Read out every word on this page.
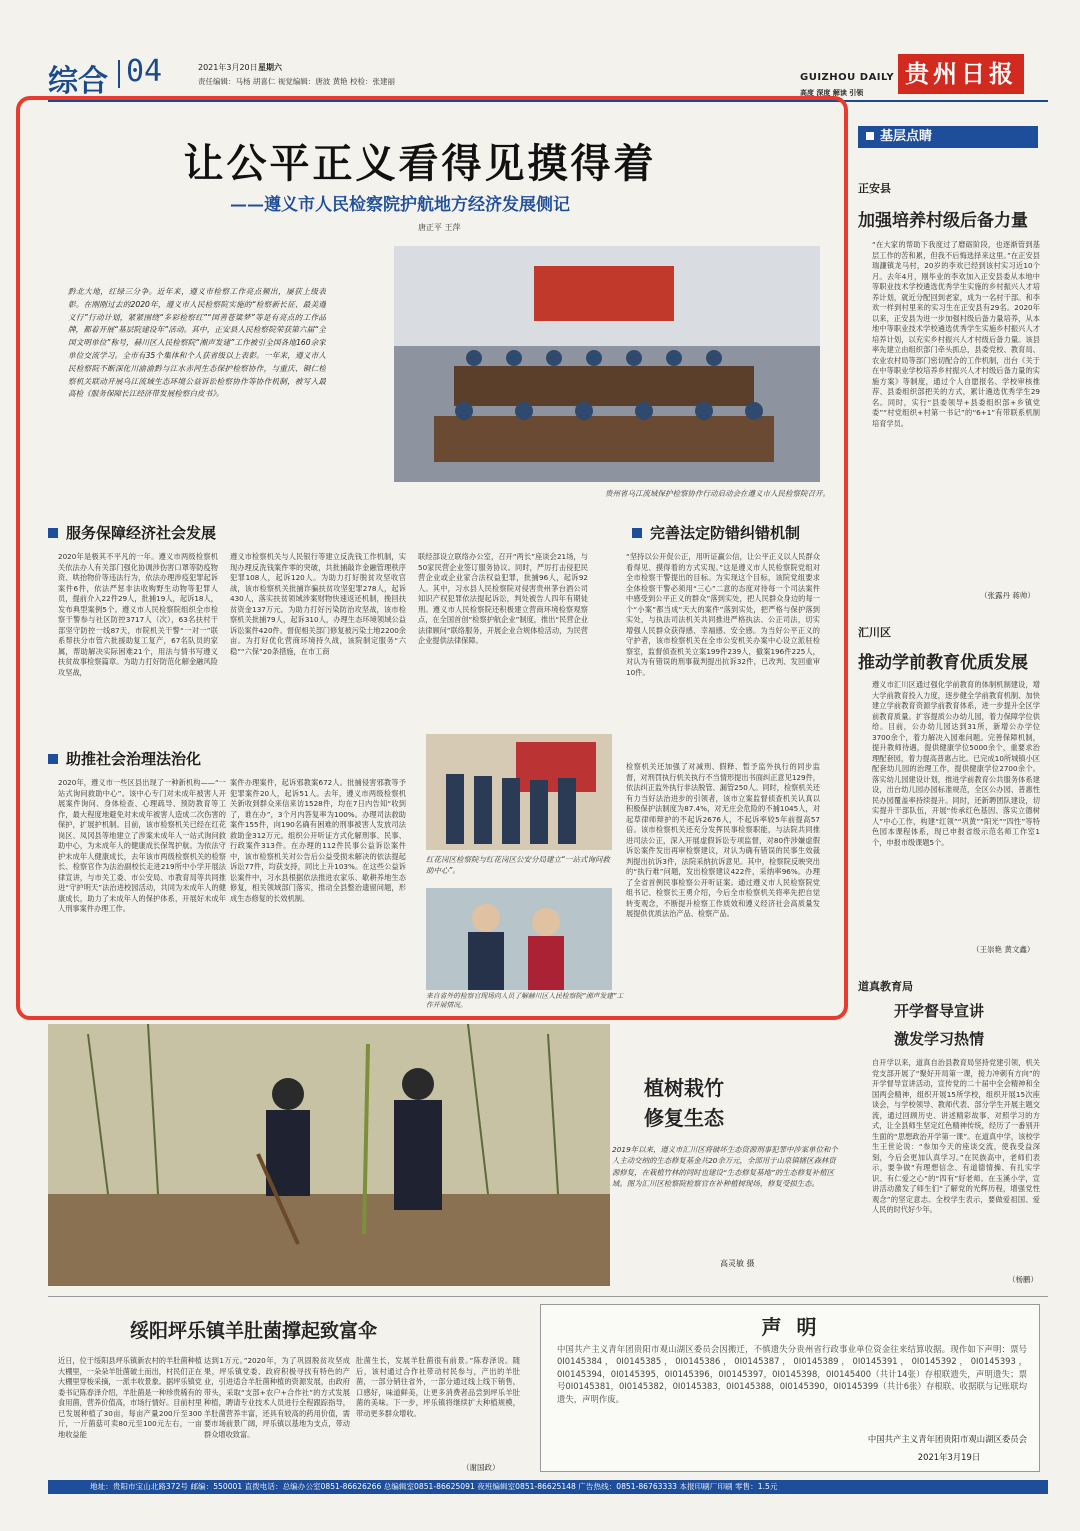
综合 04	2021年3月20日 星期六
责任编辑：马杨 胡喜仁 视觉编辑：唐波 黄艳 校检：张建丽	GUIZHOU DAILY
高度 深度 解读 引领
贵州日报
让公平正义看得见摸得着
——遵义市人民检察院护航地方经济发展侧记
唐正平 王萍
黔北大地，红绿三分争。近年来，遵义市检察工作亮点频出，屡获上级表彰。在刚刚过去的2020年，遵义市人民检察院实施的“检察新长征、最美遵义行”行动计划，紧紧围绕“多彩检察红”“国善苍粱梦”等是有亮点的工作品牌，都着开展“基层院建设年”活动。其中，正安县人民检察院荣获第六届“全国文明单位”称号，赫川区人民检察院“湘声发建”工作被引全国各地160余家单位交流学习。全市有35个集体和个人获省级以上表彰。一年来，遵义市人民检察院不断深化川渝渝黔与江水赤河生态保护检察协作，与重庆、铜仁检察机关联动开展乌江流域生态环境公益诉讼检察协作等协作机制，被写入最高检《服务保障长江经济带发展检察白皮书》。
贵州省乌江流域保护检察协作行动启动会在遵义市人民检察院召开。
服务保障经济社会发展
2020年是极其不平凡的一年。遵义市两级检察机关依法办人有关部门强化协调涉伤害口罩等防疫物资、哄抬物价等违法行为，依法办理涉疫犯罪起诉案件6件，依法严惩非法收购野生动物等犯罪人员，提前介入22件29人，批捕19人，起诉18人，发布典型案例5个。遵义市人民检察院组织全市检察干警参与社区防控3717人（次），63名扶村干部坚守防控一线87天，市院机关干警“一对一”联系帮扶分市管六批援助复工复产，67名队员的家属，帮助解决实际困难21个，用法与情书写遵义扶贫故事检察篇章。为助力打好防范化解金融风险攻坚战，
遵义市检察机关与人民银行等建立反洗钱工作机制，实现办理反洗钱案件零的突破，共批捕敲诈金融管理秩序犯罪108人，起诉120人。为助力打好脱贫攻坚收官战，该市检察机关批捕诈骗扶贫攻坚犯罪278人，起诉430人，落实扶贫领域涉案财物快速返还机制，挽回扶贫资金137万元。为助力打好污染防治攻坚战，该市检察机关批捕79人，起诉310人，办理生态环境领域公益诉讼案件420件。督促相关部门修复被污染土地2200余亩。为打好优化营商环境持久战，该院制定服务“六稳”“六保”20条措施，在市工商
联经部设立联络办公室，召开“两长”座谈会21场，与50家民营企业签订服务协议。同时，严厉打击侵犯民营企业或企业家合法权益犯罪，批捕96人，起诉92人。其中，习水县人民检察院对侵害贵州茅台酒公司知识产权犯罪依法提起诉讼，判处被告人四年有期徒刑。遵义市人民检察院还积极建立营商环境检察观察点，在全国首创“检察护航企业”制度，推出“民营企业法律顾问”联络服务，开展企业合规体检活动，为民营企业提供法律保障。
完善法定防错纠错机制
“坚持以公开促公正，用听证赢公信，让公平正义以人民群众看得见、摸得着的方式实现。”这是遵义市人民检察院党组对全市检察干警提出的目标。为实现这个目标，该院党组要求全体检察干警必须用“三心”二意的态度对待每一个司法案件中感受到公平正义的群众”落到实处，把人民群众身边的每一个“小案”都当成“天大的案件”落到实处，把严格与保护落到实处，与执法司法机关共同推进严格执法、公正司法，切实增强人民群众获得感、幸福感、安全感。为当好公平正义的守护者，该市检察机关在全市公安机关办案中心设立派驻检察室，监督侦查机关立案199件239人，撤案196件225人，对认为有错误的刑事裁判提出抗诉32件，已改判、发回重审10件。
检察机关还加强了对减刑、假释、暂予监外执行的同步监督，对刑罚执行机关执行不当情形提出书面纠正意见129件，依法纠正监外执行非法脱管、漏管250人。同时，检察机关还有力当好法治进步的引领者，该市立案监督侦查机关认真以积极保护法制度为87.4%，对无庄会危险的不捕1045人，对起草律师辩护的不起诉2676人，不起诉率较5年前提高57倍。该市检察机关还充分发挥民事检察职能，与法院共同推进司法公正，深入开展虚假诉讼专项监督，对80件涉嫌虚假诉讼案件发出再审检察建议，对认为确有错误的民事生效裁判提出抗诉3件，法院采纳抗诉意见。其中，检察院反映突出的“执行难”问题，发出检察建议422件，采纳率96%。办理了全省首例民事检察公开听证案。通过遵义市人民检察院党组书记、检察长王勇介绍，今后全市检察机关将率先把自觉转变观念，不断提升检察工作质效和遵义经济社会高质量发展提供优质法治产品、检察产品。
助推社会治理法治化
2020年，遵义市一些区县出现了一种新机构——“一站式询问救助中心”。该中心专门对未成年被害人开展案件询问、身体检查、心理疏导、预防教育等工作，最大程度地避免对未成年被害人造成二次伤害的保护，扩展护机制。目前，该市检察机关已经在红花岗区、凤冈县等地建立了涉案未成年人一站式询问救助中心，为未成年人的健康成长保驾护航。为依法守护未成年人健康成长，去年该市两级检察机关的检察长、检察官作为法治副校长走进219所中小学开展法律宣讲，与市关工委、市公安局、市教育局等共同推进“守护明天”法治进校园活动，共同为未成年人的健康成长，助力了未成年人的保护体系，开展好未成年人刑事案件办理工作。
案件办理案件，起诉邪教案672人。批捕侵害邪教等予犯罪案件20人，起诉51人。去年，遵义市两级检察机关新收到群众来信来访1528件，均在7日内告知“收到了，谁在办”，3个月内答复率为100%。办理司法救助案件155件，向190名确有困难的刑事被害人发放司法救助金312万元。组织公开听证方式化解刑事、民事、行政案件313件。在办理的112件民事公益诉讼案件中，该市检察机关对公告后公益受损未解决的依法提起诉讼77件，均获支持，同比上升103%。在这些公益诉讼案件中，习水县根据依法推进农家乐、歇耕养地生态修复，相关领域部门落实，推动全县整治遗留问题，形成生态修复的长效机制。
红花岗区检察院与红花岗区公安分局建立“一站式询问救助中心”。
来自省外的检察官现场向人员了解赫川区人民检察院“湘声发建”工作开展情况。
基层点睛
正安县
加强培养村级后备力量
“在大家的帮助下我度过了磨砺阶段，也逐渐管到基层工作的苦和累，但我不后悔选择来这里。”在正安县瑞濂镇龙马村，20岁的李欢已经到该村实习近10个月。去年4月，刚毕业的李欢加入正安县委从本地中等职业技术学校遴选优秀学生实施的乡村振兴人才培养计划，就近分配回到老家，成为一名村干部。和李欢一样到村里来的实习生在正安县有29名。2020年以来，正安县为进一步加强村级后备力量培养，从本地中等职业技术学校遴选优秀学生实施乡村振兴人才培养计划，以充实乡村振兴人才村级后备力量。该县率先建立由组织部门牵头抓总，县委党校、教育局、农业农村局等部门密切配合的工作机制，出台《关于在中等职业学校培养乡村振兴人才村级后备力量的实施方案》等制度，通过个人自愿报名、学校审核推荐、县委组织部把关的方式，累计遴选优秀学生29名。同时，实行“县委领导+县委组织部+乡镇党委”“村党组织+村第一书记”的“6+1”有带联系机制培育学员。
（张露丹 蒋帅）
汇川区
推动学前教育优质发展
遵义市汇川区通过强化学前教育的体制机制建设，增大学前教育投入力度，逐步健全学前教育机制、加快建立学前教育资源学前教育体系，进一步提升全区学前教育质量。扩容提质公办幼儿园，着力保障学位供给。目前，公办幼儿园达到31所，新增公办学位3700余个，着力解决入园难问题。完善保障机制，提升教师待遇，提供健康学位5000余个，重要求治理配套园，着力提高普惠占比。已完成10所城镇小区配套幼儿园的治理工作，提供健康学位2700余个。落实幼儿园建设计划，推进学前教育公共服务体系建设，出台幼儿园办园标准规范，全区公办园、普惠性民办园覆盖率持续提升。同时，还新聘团队建设，切实提升干部队伍，开展“传承红色基因、落实立德树人”中心工作，构建“红领”“巩黄”“阳光”“四性”等特色园本课程体系，现已申报省级示范名师工作室1个，申报市级课题5个。
（王崇艳 黄文鑫）
道真教育局
开学督导宣讲
激发学习热情
自开学以来，道真自治县教育局坚持党建引领，机关党支部开展了“聚好开局第一课，接力冲刺有方向”的开学督导宣讲活动，宣传党的二十届中全会精神和全国两会精神，组织开展15所学校，组织开展15次座谈会，与学校领导、教师代表、部分学生开展主题交流，通过回顾历史、讲述精彩故事、对照学习的方式，让全县师生坚定红色精神传统，经历了一番别开生面的“思想政治开学第一课”。在道真中学，该校学生王世论说：“参加今天的座谈交流，使我受益深刻，今后会更加认真学习。”在民族高中，老师们表示，要争做“有理想信念、有道德情操、有扎实学识、有仁爱之心”的“四有”好老师。在玉溪小学，宣讲活动激发了师生们“了解党的光辉历程，增强党性观念”的坚定意志。全校学生表示，要做爱祖国、爱人民的时代好少年。
（杨鹏）
植树栽竹
修复生态
2019年以来，遵义市汇川区将破坏生态资源刑事犯罪中涉案单位和个人主动交纳的生态修复基金共20余万元，全部用于山泉镇辖区森林资源修复，在栽植竹林的同时也建设“生态修复基地”的生态修复补植区域。图为汇川区检察院检察官在补种植树现场，修复受损生态。
高灵敏 摄
绥阳坪乐镇羊肚菌撑起致富伞
近日，位于绥阳县坪乐镇新农村的羊肚菌种植大棚里，一朵朵羊肚菌破土而出，村民们正在大棚里穿梭采摘，一派丰收景象。据坪乐镇党委书记陈春泽介绍，羊肚菌是一种珍贵稀有的食用菌，营养价值高，市场行情好。目前村里已发展种植了30亩，每亩产量200斤至300斤，一斤菌菇可卖80元至100元左右，一亩地收益能
达到1万元。”2020年，为了巩固脱贫攻坚成果，坪乐镇党委、政府积极寻找有特色的产业，引进适合羊肚菌种植的资源发展，由政府带头，采取“支部+农户+合作社”的方式发展种植，聘请专业技术人员进行全程跟踪指导，羊肚菌营养丰富，还具有较高的药用价值，需要市场前景广阔，坪乐镇以基地为支点，带动群众增收致富。
肚菌生长，发展羊肚菌很有前景。”陈春泽说。随后，该村通过合作社带动村民参与，产出的羊肚菌，一部分销往省外，一部分通过线上线下销售，口感好，味道鲜美，让更多消费者品尝到坪乐羊肚菌的美味。下一步，坪乐镇将继续扩大种植规模，带动更多群众增收。
（谢国政）
声 明
中国共产主义青年团贵阳市观山湖区委员会因搬迁，不慎遗失分贵州省行政事业单位资金往来结算收据。现作如下声明：票号0I0145384，0I0145385，0I0145386，0I0145387，0I0145389，0I0145391，0I0145392，0I0145393，0I0145394，0I0145395，0I0145396，0I0145397，0I0145398，0I0145400（共计14张）存根联遗失，声明遗失；票号0I0145381，0I0145382，0I0145383，0I0145388，0I0145390，0I0145399（共计6张）存根联、收据联与记账联均遗失，声明作废。
中国共产主义青年团贵阳市观山湖区委员会
2021年3月19日
地址：贵阳市宝山北路372号 邮编：550001 直拨电话：总编办公室0851-86626266 总编辑室0851-86625091 夜班编辑室0851-86625148 广告热线：0851-86763333 本报印刷厂印刷 零售：1.5元
